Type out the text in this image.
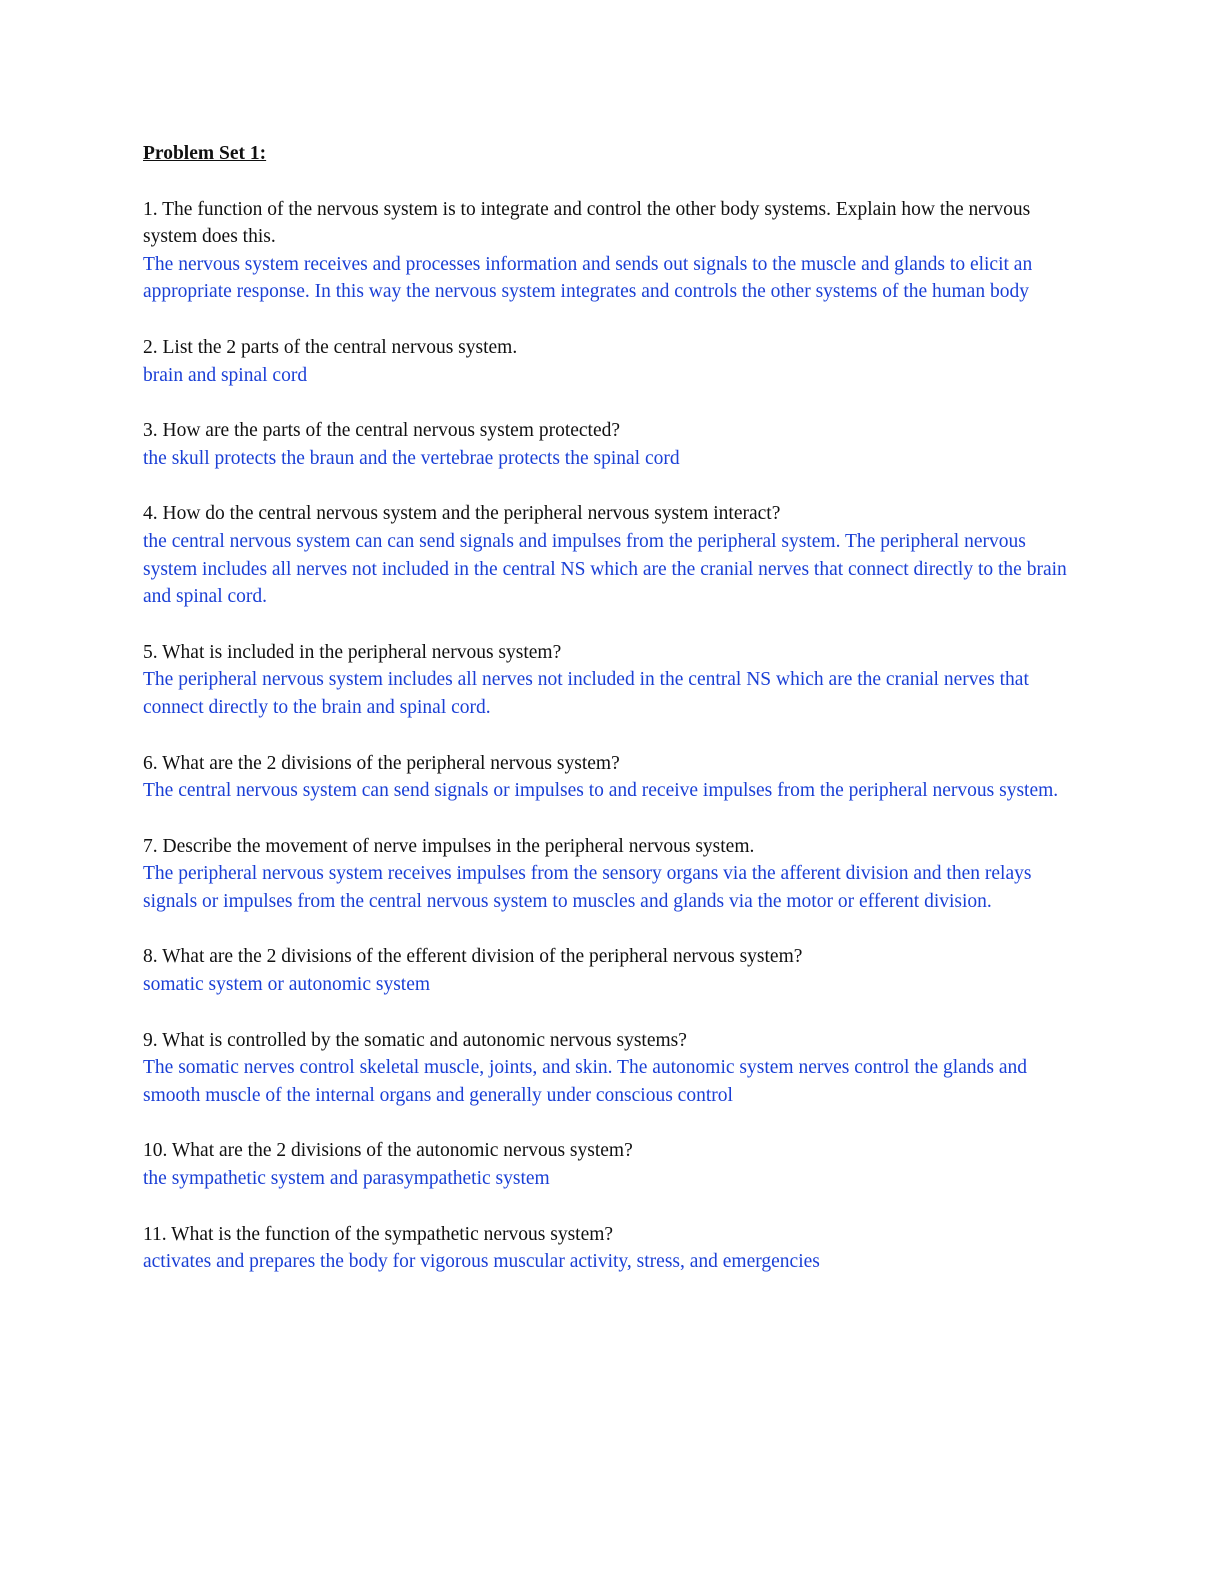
Problem Set 1:

1. The function of the nervous system is to integrate and control the other body systems. Explain how the nervous system does this.

The nervous system receives and processes information and sends out signals to the muscle and glands to elicit an appropriate response. In this way the nervous system integrates and controls the other systems of the human body

2. List the 2 parts of the central nervous system.

brain and spinal cord

3. How are the parts of the central nervous system protected?

the skull protects the braun and the vertebrae protects the spinal cord

4. How do the central nervous system and the peripheral nervous system interact?

the central nervous system can can send signals and impulses from the peripheral system. The peripheral nervous system includes all nerves not included in the central NS which are the cranial nerves that connect directly to the brain and spinal cord.

5. What is included in the peripheral nervous system?

The peripheral nervous system includes all nerves not included in the central NS which are the cranial nerves that connect directly to the brain and spinal cord.

6. What are the 2 divisions of the peripheral nervous system?

The central nervous system can send signals or impulses to and receive impulses from the peripheral nervous system.

7. Describe the movement of nerve impulses in the peripheral nervous system.

The peripheral nervous system receives impulses from the sensory organs via the afferent division and then relays signals or impulses from the central nervous system to muscles and glands via the motor or efferent division.

8. What are the 2 divisions of the efferent division of the peripheral nervous system?

somatic system or autonomic system

9. What is controlled by the somatic and autonomic nervous systems?

The somatic nerves control skeletal muscle, joints, and skin. The autonomic system nerves control the glands and smooth muscle of the internal organs and generally under conscious control

10. What are the 2 divisions of the autonomic nervous system?

the sympathetic system and parasympathetic system

11. What is the function of the sympathetic nervous system?

activates and prepares the body for vigorous muscular activity, stress, and emergencies
